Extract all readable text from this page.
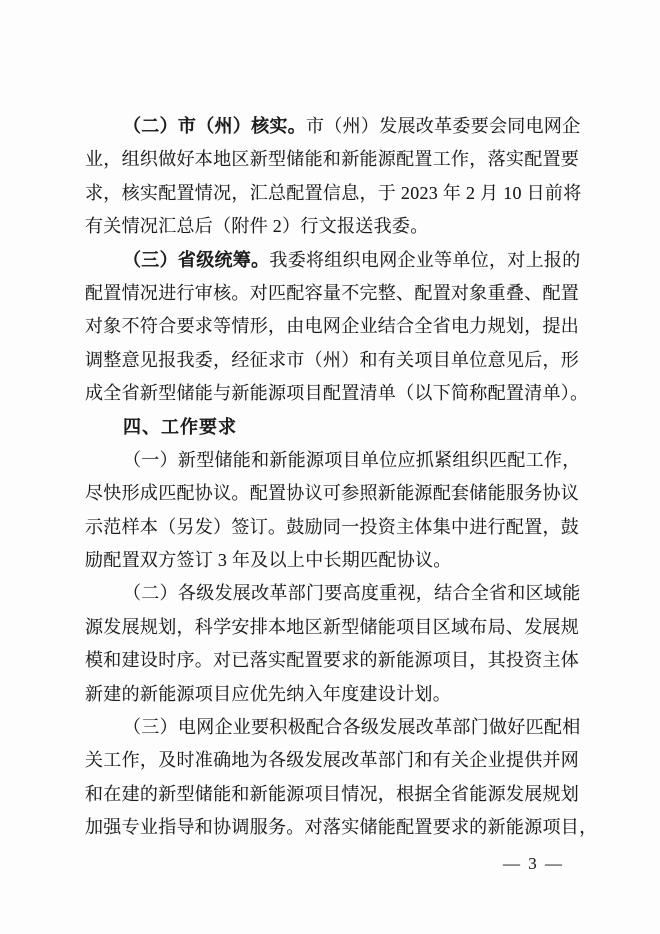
（二）市（州）核实。市（州）发展改革委要会同电网企
业，组织做好本地区新型储能和新能源配置工作，落实配置要
求，核实配置情况，汇总配置信息，于 2023 年 2 月 10 日前将
有关情况汇总后（附件 2）行文报送我委。
（三）省级统筹。我委将组织电网企业等单位，对上报的
配置情况进行审核。对匹配容量不完整、配置对象重叠、配置
对象不符合要求等情形，由电网企业结合全省电力规划，提出
调整意见报我委，经征求市（州）和有关项目单位意见后，形
成全省新型储能与新能源项目配置清单（以下简称配置清单）。
四、工作要求
（一）新型储能和新能源项目单位应抓紧组织匹配工作，
尽快形成匹配协议。配置协议可参照新能源配套储能服务协议
示范样本（另发）签订。鼓励同一投资主体集中进行配置，鼓
励配置双方签订 3 年及以上中长期匹配协议。
（二）各级发展改革部门要高度重视，结合全省和区域能
源发展规划，科学安排本地区新型储能项目区域布局、发展规
模和建设时序。对已落实配置要求的新能源项目，其投资主体
新建的新能源项目应优先纳入年度建设计划。
（三）电网企业要积极配合各级发展改革部门做好匹配相
关工作，及时准确地为各级发展改革部门和有关企业提供并网
和在建的新型储能和新能源项目情况，根据全省能源发展规划
加强专业指导和协调服务。对落实储能配置要求的新能源项目，
— 3 —
